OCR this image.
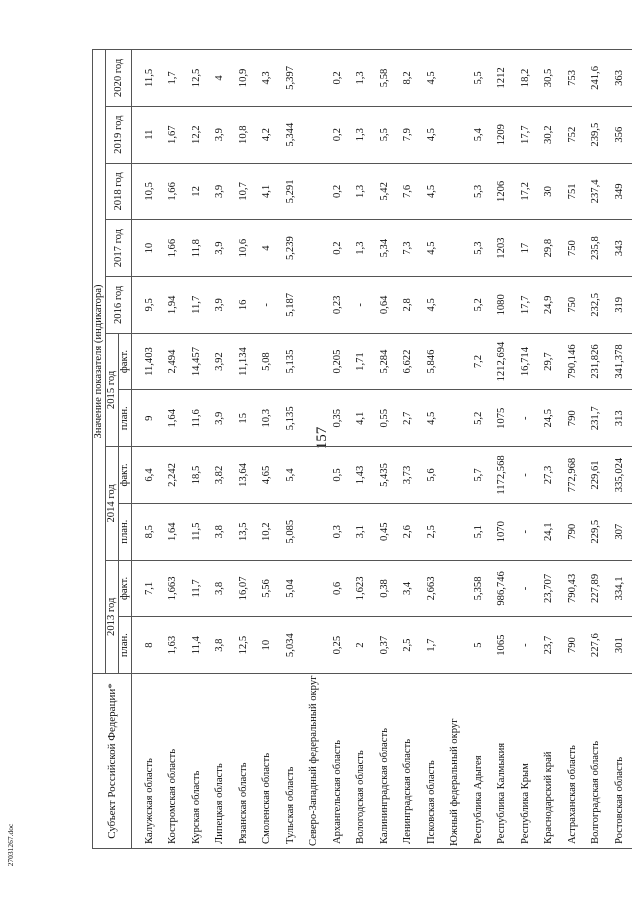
157
Субъект Российской Федерации*	Значение показателя (индикатора)										
	2013 год		2014 год		2015 год		2016 год	2017 год	2018 год	2019 год	2020 год
	план.	факт.	план.	факт.	план.	факт.					

Калужская область	8	7,1	8,5	6,4	9	11,403	9,5	10	10,5	11	11,5
Костромская область	1,63	1,663	1,64	2,242	1,64	2,494	1,94	1,66	1,66	1,67	1,7
Курская область	11,4	11,7	11,5	18,5	11,6	14,457	11,7	11,8	12	12,2	12,5
Липецкая область	3,8	3,8	3,8	3,82	3,9	3,92	3,9	3,9	3,9	3,9	4
Рязанская область	12,5	16,07	13,5	13,64	15	11,134	16	10,6	10,7	10,8	10,9
Смоленская область	10	5,56	10,2	4,65	10,3	5,08	-	4	4,1	4,2	4,3
Тульская область	5,034	5,04	5,085	5,4	5,135	5,135	5,187	5,239	5,291	5,344	5,397
Северо-Западный федеральный округ											
Архангельская область	0,25	0,6	0,3	0,5	0,35	0,205	0,23	0,2	0,2	0,2	0,2
Вологодская область	2	1,623	3,1	1,43	4,1	1,71	-	1,3	1,3	1,3	1,3
Калининградская область	0,37	0,38	0,45	5,435	0,55	5,284	0,64	5,34	5,42	5,5	5,58
Ленинградская область	2,5	3,4	2,6	3,73	2,7	6,622	2,8	7,3	7,6	7,9	8,2
Псковская область	1,7	2,663	2,5	5,6	4,5	5,846	4,5	4,5	4,5	4,5	4,5
Южный федеральный округ											
Республика Адыгея	5	5,358	5,1	5,7	5,2	7,2	5,2	5,3	5,3	5,4	5,5
Республика Калмыкия	1065	986,746	1070	1172,568	1075	1212,694	1080	1203	1206	1209	1212
Республика Крым	-	-	-	-	-	16,714	17,7	17	17,2	17,7	18,2
Краснодарский край	23,7	23,707	24,1	27,3	24,5	29,7	24,9	29,8	30	30,2	30,5
Астраханская область	790	790,43	790	772,968	790	790,146	750	750	751	752	753
Волгоградская область	227,6	227,89	229,5	229,61	231,7	231,826	232,5	235,8	237,4	239,5	241,6
Ростовская область	301	334,1	307	335,024	313	341,378	319	343	349	356	363
27031267.doc
